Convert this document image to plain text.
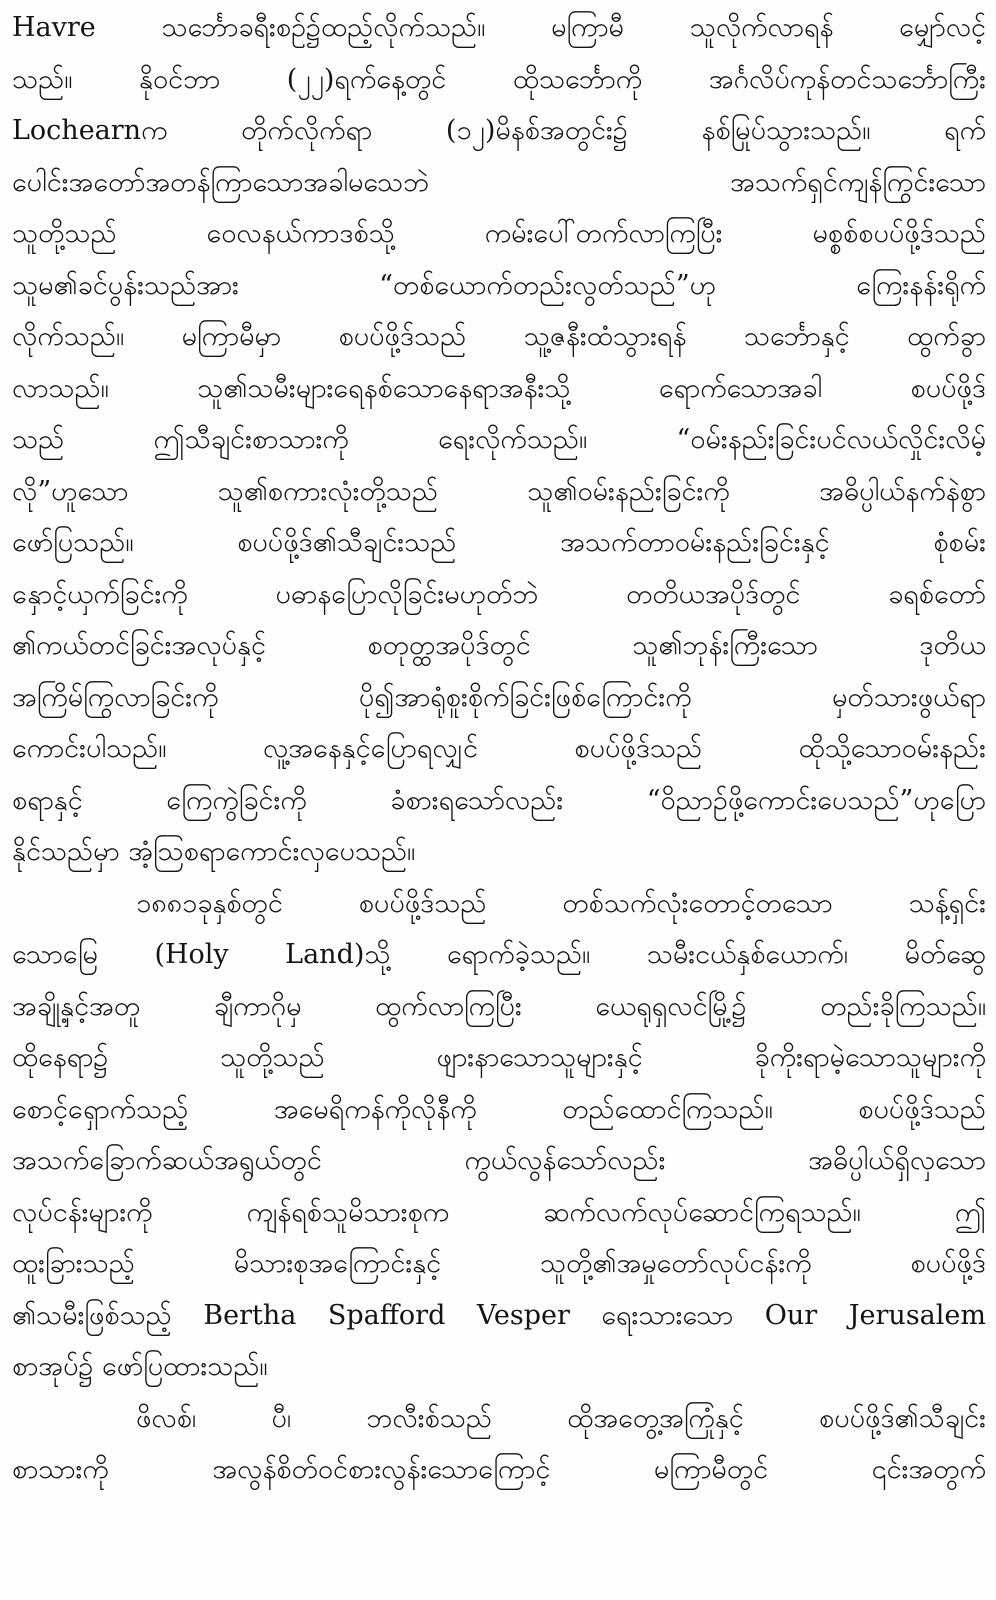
Havre သင်္ဘောခရီးစဉ်၌ထည့်လိုက်သည်။ မကြာမီ သူလိုက်လာရန် မျှော်လင့်
သည်။ နိုဝင်ဘာ (၂၂)ရက်နေ့တွင် ထိုသင်္ဘောကို အင်္ဂလိပ်ကုန်တင်သင်္ဘောကြီး
Lochearnက တိုက်လိုက်ရာ (၁၂)မိနစ်အတွင်း၌ နစ်မြုပ်သွားသည်။ ရက်
ပေါင်းအတော်အတန်ကြာသောအခါမသေဘဲ အသက်ရှင်ကျန်ကြွင်းသော
သူတို့သည် ဝေလနယ်ကာဒစ်သို့ ကမ်းပေါ်တက်လာကြပြီး မစ္စစ်စပပ်ဖို့ဒ်သည်
သူမ၏ခင်ပွန်းသည်အား “တစ်ယောက်တည်းလွတ်သည်”ဟု ကြေးနန်းရိုက်
လိုက်သည်။ မကြာမီမှာ စပပ်ဖို့ဒ်သည် သူ့ဇနီးထံသွားရန် သင်္ဘောနှင့် ထွက်ခွာ
လာသည်။ သူ၏သမီးများရေနစ်သောနေရာအနီးသို့ ရောက်သောအခါ စပပ်ဖို့ဒ်
သည် ဤသီချင်းစာသားကို ရေးလိုက်သည်။ “ဝမ်းနည်းခြင်းပင်လယ်လှိုင်းလိမ့်
လို”ဟူသော သူ၏စကားလုံးတို့သည် သူ၏ဝမ်းနည်းခြင်းကို အဓိပ္ပါယ်နက်နဲစွာ
ဖော်ပြသည်။ စပပ်ဖို့ဒ်၏သီချင်းသည် အသက်တာဝမ်းနည်းခြင်းနှင့် စုံစမ်း
နှောင့်ယှက်ခြင်းကို ပဓာနပြောလိုခြင်းမဟုတ်ဘဲ တတိယအပိုဒ်တွင် ခရစ်တော်
၏ကယ်တင်ခြင်းအလုပ်နှင့် စတုတ္ထအပိုဒ်တွင် သူ၏ဘုန်းကြီးသော ဒုတိယ
အကြိမ်ကြွလာခြင်းကို ပို၍အာရုံစူးစိုက်ခြင်းဖြစ်ကြောင်းကို မှတ်သားဖွယ်ရာ
ကောင်းပါသည်။ လူ့အနေနှင့်ပြောရလျှင် စပပ်ဖို့ဒ်သည် ထိုသို့သောဝမ်းနည်း
စရာနှင့် ကြေကွဲခြင်းကို ခံစားရသော်လည်း “ဝိညာဉ်ဖို့ကောင်းပေသည်”ဟုပြော
နိုင်သည်မှာ အံ့သြစရာကောင်းလှပေသည်။
၁၈၈၁ခုနှစ်တွင် စပပ်ဖို့ဒ်သည် တစ်သက်လုံးတောင့်တသော သန့်ရှင်း
သောမြေ (Holy Land)သို့ ရောက်ခဲ့သည်။ သမီးငယ်နှစ်ယောက်၊ မိတ်ဆွေ
အချို့နှင့်အတူ ချီကာဂိုမှ ထွက်လာကြပြီး ယေရုရှလင်မြို့၌ တည်းခိုကြသည်။
ထိုနေရာ၌ သူတို့သည် ဖျားနာသောသူများနှင့် ခိုကိုးရာမဲ့သောသူများကို
စောင့်ရှောက်သည့် အမေရိကန်ကိုလိုနီကို တည်ထောင်ကြသည်။ စပပ်ဖို့ဒ်သည်
အသက်ခြောက်ဆယ်အရွယ်တွင် ကွယ်လွန်သော်လည်း အဓိပ္ပါယ်ရှိလှသော
လုပ်ငန်းများကို ကျန်ရစ်သူမိသားစုက ဆက်လက်လုပ်ဆောင်ကြရသည်။ ဤ
ထူးခြားသည့် မိသားစုအကြောင်းနှင့် သူတို့၏အမှုတော်လုပ်ငန်းကို စပပ်ဖို့ဒ်
၏သမီးဖြစ်သည့် Bertha Spafford Vesper ရေးသားသော Our Jerusalem
စာအုပ်၌ ဖော်ပြထားသည်။
ဖိလစ်၊ ပီ၊ ဘလီးစ်သည် ထိုအတွေ့အကြုံနှင့် စပပ်ဖို့ဒ်၏သီချင်း
စာသားကို အလွန်စိတ်ဝင်စားလွန်းသောကြောင့် မကြာမီတွင် ၎င်းအတွက်
